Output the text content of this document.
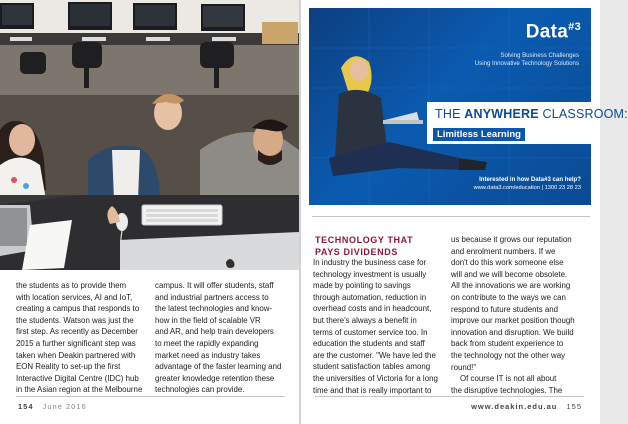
the students as to provide them
with location services, AI and IoT,
creating a campus that responds to
the students. Watson was just the
first step. As recently as December
2015 a further significant step was
taken when Deakin partnered with
EON Reality to set-up the first
Interactive Digital Centre (IDC) hub
in the Asian region at the Melbourne
campus. It will offer students, staff
and industrial partners access to
the latest technologies and know-
how in the field of scalable VR
and AR, and help train developers
to meet the rapidly expanding
market need as industry takes
advantage of the faster learning and
greater knowledge retention these
technologies can provide.
154 June 2016
Data$^{\#3}$
Solving Business Challenges
Using Innovative Technology Solutions
THE ANYWHERE CLASSROOM:
Limitless Learning
Interested in how Data#3 can help?
www.data3.com/education | 1300 23 28 23
TECHNOLOGY THAT
PAYS DIVIDENDS
In industry the business case for
technology investment is usually
made by pointing to savings
through automation, reduction in
overhead costs and in headcount,
but there's always a benefit in
terms of customer service too. In
education the students and staff
are the customer. "We have led the
student satisfaction tables among
the universities of Victoria for a long
time and that is really important to
us because it grows our reputation
and enrolment numbers. If we
don't do this work someone else
will and we will become obsolete.
All the innovations we are working
on contribute to the ways we can
respond to future students and
improve our market position though
innovation and disruption. We build
back from student experience to
the technology not the other way
round!"
Of course IT is not all about
the disruptive technologies. The
www.deakin.edu.au 155
